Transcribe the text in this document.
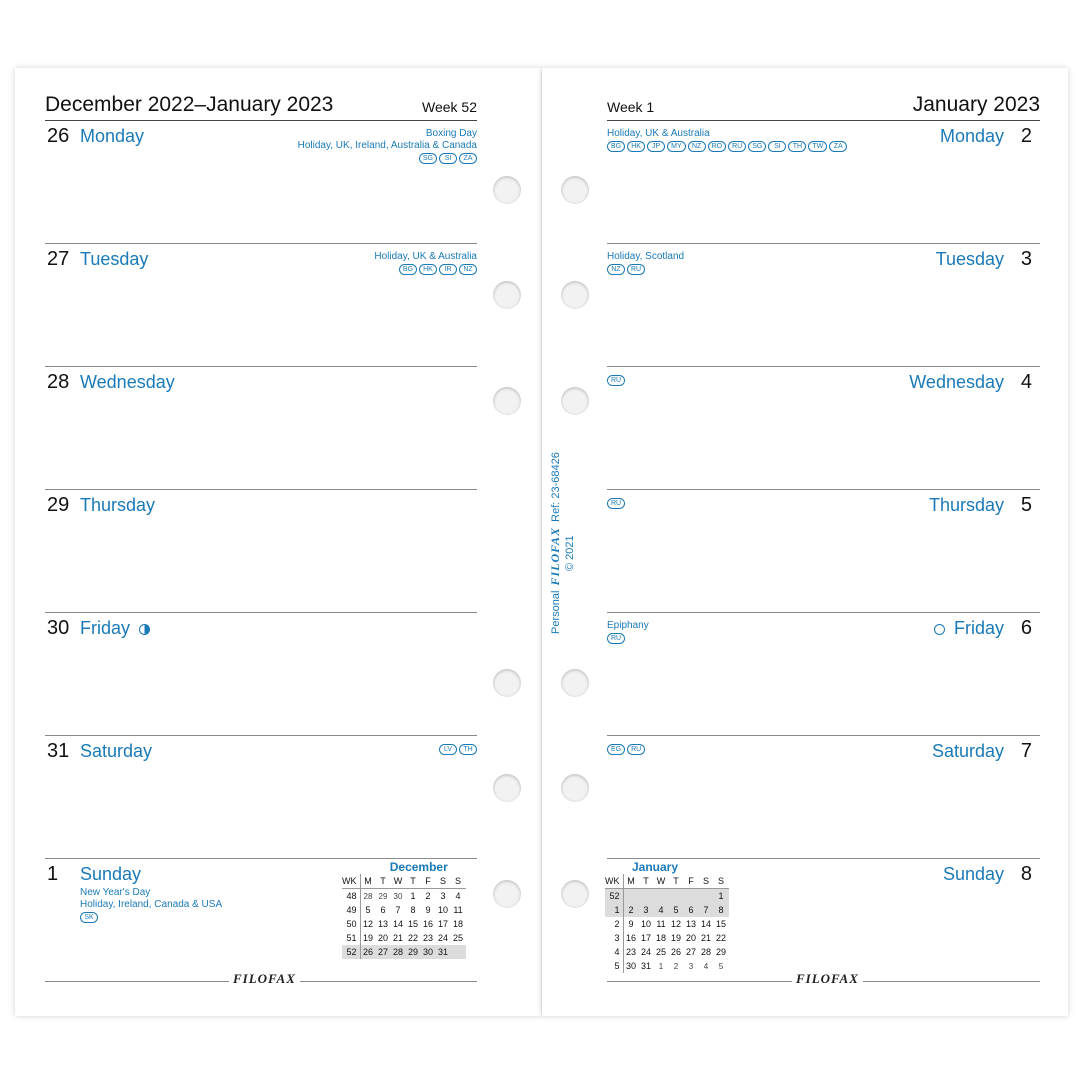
December 2022–January 2023	Week 52
26 Monday	Boxing Day
Holiday, UK, Ireland, Australia & Canada
SG	SI	ZA
27 Tuesday	Holiday, UK & Australia
BG	HK	IR	NZ
28 Wednesday
29 Thursday
30 Friday
31 Saturday	LV	TH
1 Sunday
New Year's Day
Holiday, Ireland, Canada & USA
SK
December
WK	M	T	W	T	F	S	S
48	28	29	30	1	2	3	4
49	5	6	7	8	9	10	11
50	12	13	14	15	16	17	18
51	19	20	21	22	23	24	25
52	26	27	28	29	30	31	
FILOFAX
Week 1	January 2023
2
Monday
Holiday, UK & Australia
BG	HK	JP	MY	NZ	RO	RU	SG	SI	TH	TW	ZA
3
Tuesday
Holiday, Scotland
NZ	RU
4
Wednesday
RU
5
Thursday
RU
6
Friday
Epiphany
RU
7
Saturday
EG	RU
8
Sunday
January
WK	M	T	W	T	F	S	S
52							1
1	2	3	4	5	6	7	8
2	9	10	11	12	13	14	15
3	16	17	18	19	20	21	22
4	23	24	25	26	27	28	29
5	30	31	1	2	3	4	5
FILOFAX
Personal FILOFAX Ref: 23-68426
© 2021
